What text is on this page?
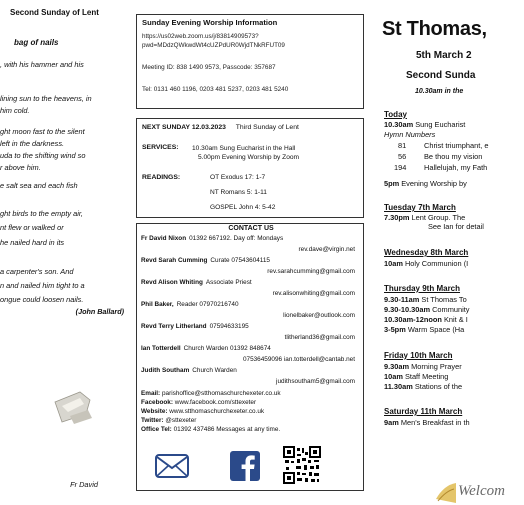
Second Sunday of Lent
bag of nails
, with his hammer and his
lining sun to the heavens, in
him cold.
ght moon fast to the silent
left in the darkness.
uda to the shifting wind so
r above him.
e salt sea and each fish
ght birds to the empty air,
nt flew or walked or
he nailed hard in its
a carpenter's son. And
n and nailed him tight to a
ongue could loosen nails.
(John Ballard)
Fr David
Sunday Evening Worship Information
https://us02web.zoom.us/j/83814909573?
pwd=MDdzQWkwdWt4cUZPdUR0WjdTNkRFUT09
Meeting ID: 838 1490 9573, Passcode: 357687
Tel: 0131 460 1196, 0203 481 5237, 0203 481 5240
NEXT SUNDAY 12.03.2023 Third Sunday of Lent
SERVICES: 10.30am Sung Eucharist in the Hall
5.00pm Evening Worship by Zoom
READINGS:	OT Exodus 17: 1-7
NT Romans 5: 1-11
GOSPEL John 4: 5-42
CONTACT US
Fr David Nixon 01392 667192. Day off: Mondays
rev.dave@virgin.net
Revd Sarah Cumming Curate 07543604115
rev.sarahcumming@gmail.com
Revd Alison Whiting Associate Priest
rev.alisonwhiting@gmail.com
Phil Baker, Reader 07970216740
lionelbaker@outlook.com
Revd Terry Litherland 07594633195
tlitherland36@gmail.com
Ian Totterdell Church Warden 01392 848674
07536459096 ian.totterdell@cantab.net
Judith Southam Church Warden
judithsoutham5@gmail.com
Email: parishoffice@stthomaschurchexeter.co.uk
Facebook: www.facebook.com/sttexeter
Website: www.stthomaschurchexeter.co.uk
Twitter: @sttexeter
Office Tel: 01392 437486 Messages at any time.
St Thomas,
5th March 2
Second Sunda
10.30am in the
Today
10.30am Sung Eucharist
Hymn Numbers
81 Christ triumphant, e
56 Be thou my vision
194 Hallelujah, my Fath
5pm Evening Worship by
Tuesday 7th March
7.30pm Lent Group. The
See Ian for detail
Wednesday 8th March
10am Holy Communion (I
Thursday 9th March
9.30-11am St Thomas To
9.30-10.30am Community
10.30am-12noon Knit & I
3-5pm Warm Space (Ha
Friday 10th March
9.30am Morning Prayer
10am Staff Meeting
11.30am Stations of the
Saturday 11th March
9am Men's Breakfast in th
Welcom
